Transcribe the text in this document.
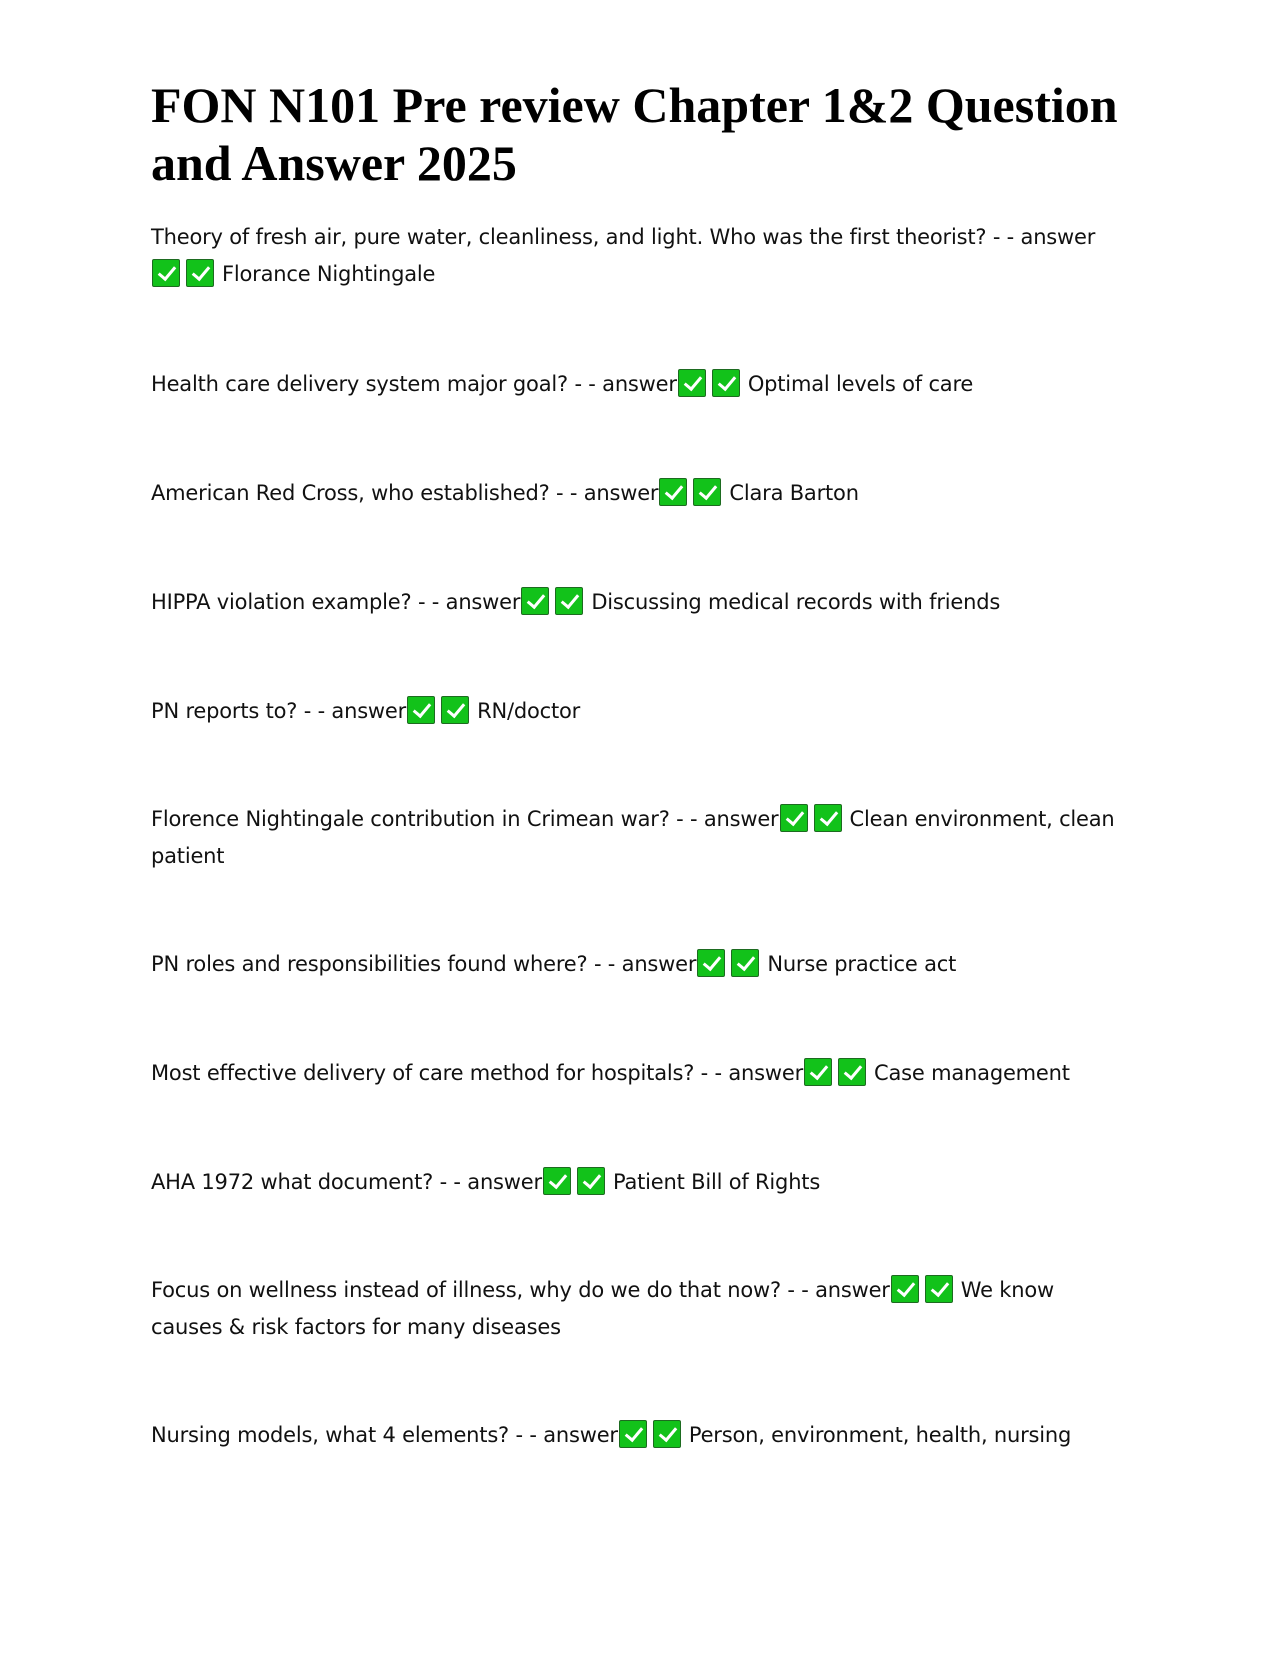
FON N101 Pre review Chapter 1&2 Question and Answer 2025

Theory of fresh air, pure water, cleanliness, and light. Who was the first theorist? - - answerFlorance Nightingale

Health care delivery system major goal? - - answer	Optimal levels of care

American Red Cross, who established? - - answer	Clara Barton

HIPPA violation example? - - answer	Discussing medical records with friends

PN reports to? - - answer	RN/doctor

Florence Nightingale contribution in Crimean war? - - answer	Clean environment, clean patient

PN roles and responsibilities found where? - - answer	Nurse practice act

Most effective delivery of care method for hospitals? - - answer	Case management

AHA 1972 what document? - - answer	Patient Bill of Rights

Focus on wellness instead of illness, why do we do that now? - - answer	We know causes & risk factors for many diseases

Nursing models, what 4 elements? - - answer	Person, environment, health, nursing
